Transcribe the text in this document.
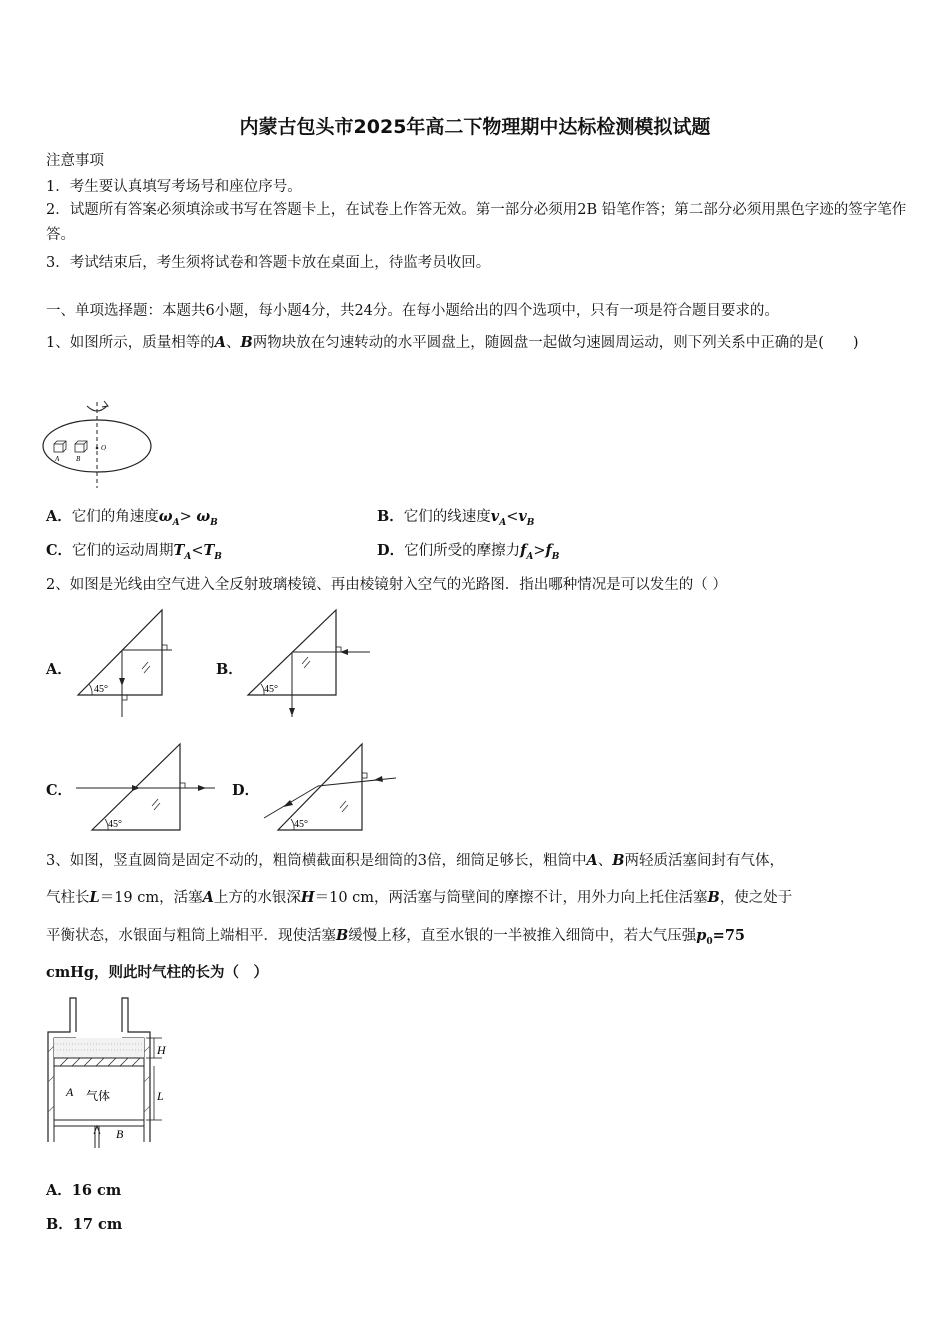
内蒙古包头市2025年高二下物理期中达标检测模拟试题
注意事项
1．考生要认真填写考场号和座位序号。
2．试题所有答案必须填涂或书写在答题卡上，在试卷上作答无效。第一部分必须用2B 铅笔作答；第二部分必须用黑色字迹的签字笔作答。
3．考试结束后，考生须将试卷和答题卡放在桌面上，待监考员收回。
一、单项选择题：本题共6小题，每小题4分，共24分。在每小题给出的四个选项中，只有一项是符合题目要求的。
1、如图所示，质量相等的A、B两物块放在匀速转动的水平圆盘上，随圆盘一起做匀速圆周运动，则下列关系中正确的是(　　)
A B
O
A．它们的角速度$\omega_A> \omega_B$	B．它们的线速度$v_A<v_B$
C．它们的运动周期$T_A<T_B$	D．它们所受的摩擦力$f_A>f_B$
2、如图是光线由空气进入全反射玻璃棱镜、再由棱镜射入空气的光路图．指出哪种情况是可以发生的（ ）
A．
45°
B．
45°
C．
45°
D．
45°
3、如图，竖直圆筒是固定不动的，粗筒横截面积是细筒的3倍，细筒足够长，粗筒中A、B两轻质活塞间封有气体，
气柱长L＝19 cm，活塞A上方的水银深H＝10 cm，两活塞与筒壁间的摩擦不计，用外力向上托住活塞B，使之处于
平衡状态，水银面与粗筒上端相平．现使活塞B缓慢上移，直至水银的一半被推入细筒中，若大气压强$p_0=75$
cmHg，则此时气柱的长为（　）
H
L
A 气体
B
A．16 cm
B．17 cm
